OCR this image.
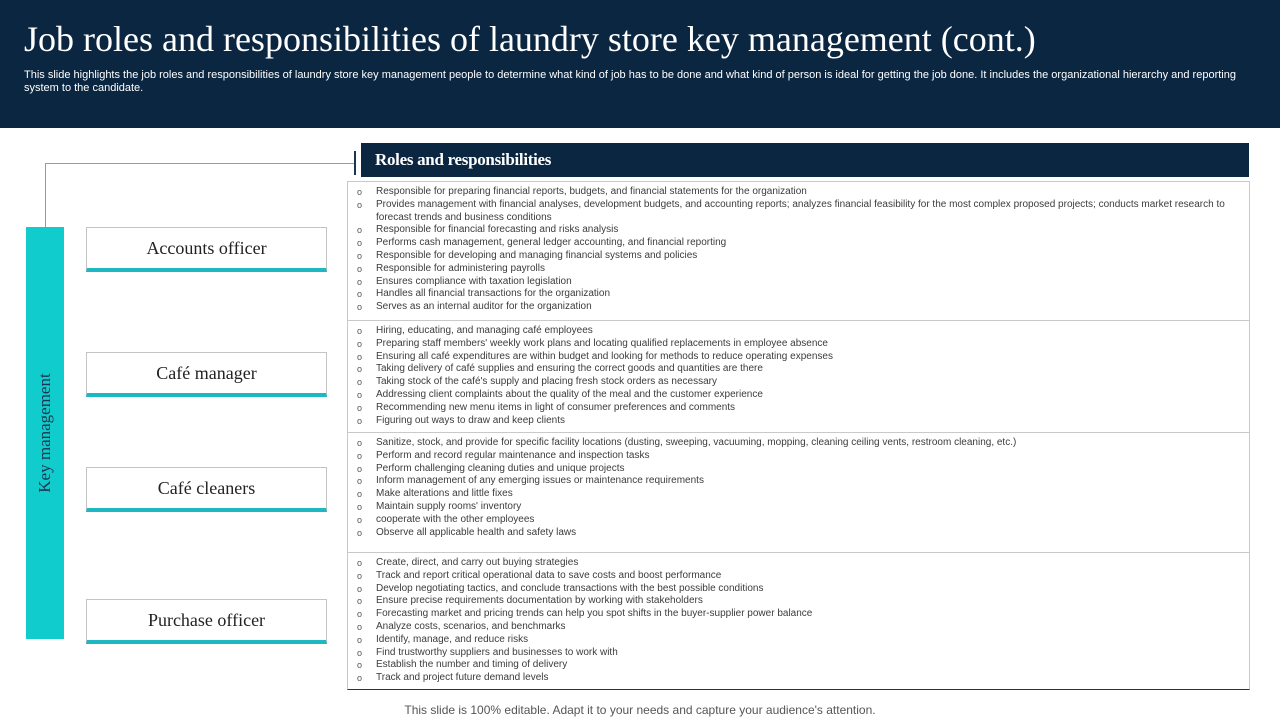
Job roles and responsibilities of laundry store key management (cont.)
This slide highlights the job roles and responsibilities of laundry store key management people to determine what kind of job has to be done and what kind of person is ideal for getting the job done. It includes the organizational hierarchy and reporting system to the candidate.
Key management
Accounts officer
Café manager
Café cleaners
Purchase officer
Roles and responsibilities
o Responsible for preparing financial reports, budgets, and financial statements for the organization
o Provides management with financial analyses, development budgets, and accounting reports; analyzes financial feasibility for the most complex proposed projects; conducts market research to forecast trends and business conditions
o Responsible for financial forecasting and risks analysis
o Performs cash management, general ledger accounting, and financial reporting
o Responsible for developing and managing financial systems and policies
o Responsible for administering payrolls
o Ensures compliance with taxation legislation
o Handles all financial transactions for the organization
o Serves as an internal auditor for the organization
o Hiring, educating, and managing café employees
o Preparing staff members' weekly work plans and locating qualified replacements in employee absence
o Ensuring all café expenditures are within budget and looking for methods to reduce operating expenses
o Taking delivery of café supplies and ensuring the correct goods and quantities are there
o Taking stock of the café's supply and placing fresh stock orders as necessary
o Addressing client complaints about the quality of the meal and the customer experience
o Recommending new menu items in light of consumer preferences and comments
o Figuring out ways to draw and keep clients
o Sanitize, stock, and provide for specific facility locations (dusting, sweeping, vacuuming, mopping, cleaning ceiling vents, restroom cleaning, etc.)
o Perform and record regular maintenance and inspection tasks
o Perform challenging cleaning duties and unique projects
o Inform management of any emerging issues or maintenance requirements
o Make alterations and little fixes
o Maintain supply rooms' inventory
o cooperate with the other employees
o Observe all applicable health and safety laws
o Create, direct, and carry out buying strategies
o Track and report critical operational data to save costs and boost performance
o Develop negotiating tactics, and conclude transactions with the best possible conditions
o Ensure precise requirements documentation by working with stakeholders
o Forecasting market and pricing trends can help you spot shifts in the buyer-supplier power balance
o Analyze costs, scenarios, and benchmarks
o Identify, manage, and reduce risks
o Find trustworthy suppliers and businesses to work with
o Establish the number and timing of delivery
o Track and project future demand levels
This slide is 100% editable. Adapt it to your needs and capture your audience's attention.
